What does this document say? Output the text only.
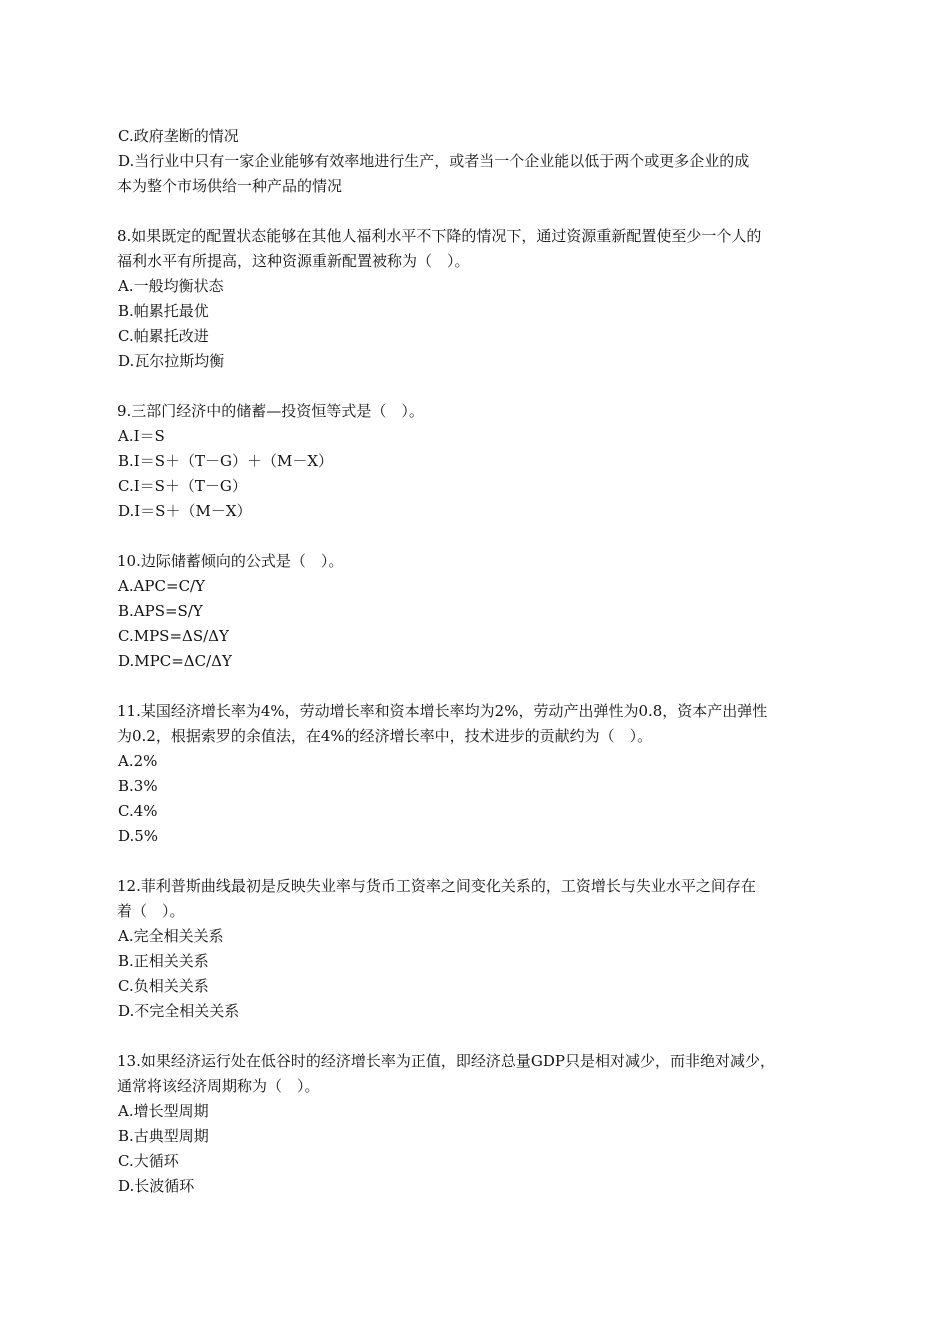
C.政府垄断的情况
D.当行业中只有一家企业能够有效率地进行生产，或者当一个企业能以低于两个或更多企业的成
本为整个市场供给一种产品的情况
8.如果既定的配置状态能够在其他人福利水平不下降的情况下，通过资源重新配置使至少一个人的
福利水平有所提高，这种资源重新配置被称为（　）。
A.一般均衡状态
B.帕累托最优
C.帕累托改进
D.瓦尔拉斯均衡
9.三部门经济中的储蓄—投资恒等式是（　）。
A.I＝S
B.I＝S＋（T－G）＋（M－X）
C.I＝S＋（T－G）
D.I＝S＋（M－X）
10.边际储蓄倾向的公式是（　）。
A.APC=C/Y
B.APS=S/Y
C.MPS=ΔS/ΔY
D.MPC=ΔC/ΔY
11.某国经济增长率为4%，劳动增长率和资本增长率均为2%，劳动产出弹性为0.8，资本产出弹性
为0.2，根据索罗的余值法，在4%的经济增长率中，技术进步的贡献约为（　）。
A.2%
B.3%
C.4%
D.5%
12.菲利普斯曲线最初是反映失业率与货币工资率之间变化关系的，工资增长与失业水平之间存在
着（　）。
A.完全相关关系
B.正相关关系
C.负相关关系
D.不完全相关关系
13.如果经济运行处在低谷时的经济增长率为正值，即经济总量GDP只是相对减少，而非绝对减少，
通常将该经济周期称为（　）。
A.增长型周期
B.古典型周期
C.大循环
D.长波循环
